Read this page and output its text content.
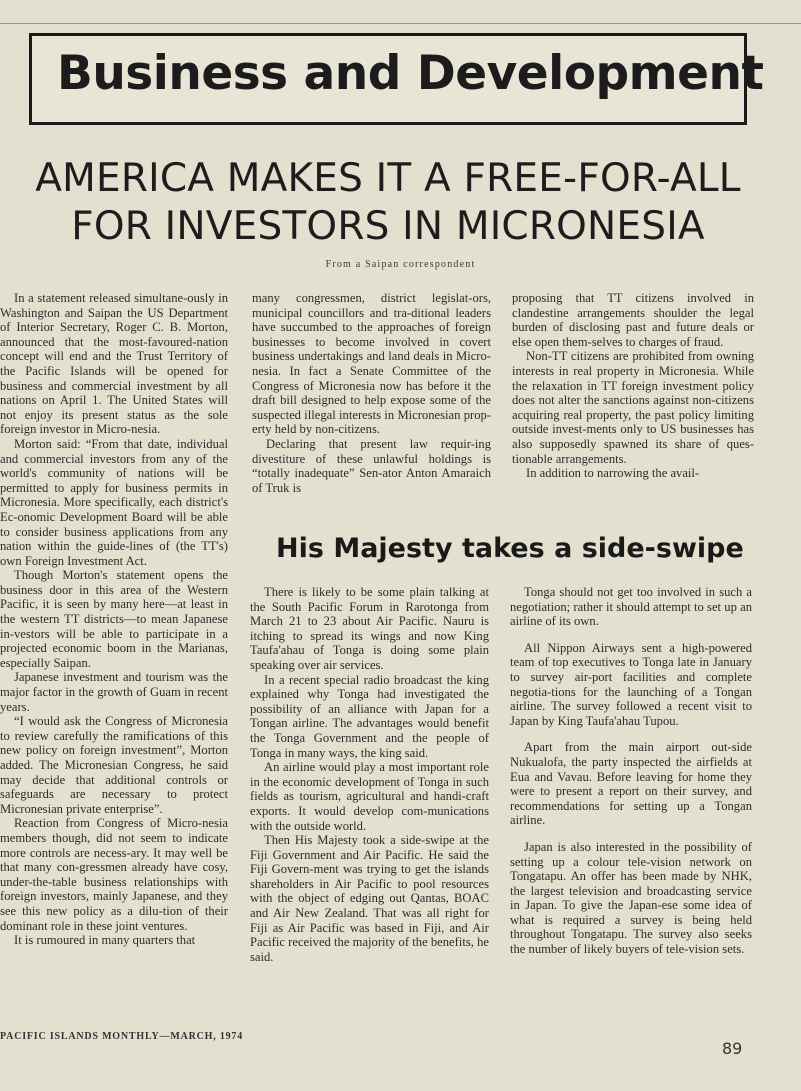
Business and Development
AMERICA MAKES IT A FREE-FOR-ALL
FOR INVESTORS IN MICRONESIA
From a Saipan correspondent

In a statement released simultane-ously in Washington and Saipan the US Department of Interior Secretary, Roger C. B. Morton, announced that the most-favoured-nation concept will end and the Trust Territory of the Pacific Islands will be opened for business and commercial investment by all nations on April 1. The United States will not enjoy its present status as the sole foreign investor in Micro-nesia.

Morton said: “From that date, individual and commercial investors from any of the world's community of nations will be permitted to apply for business permits in Micronesia. More specifically, each district's Ec-onomic Development Board will be able to consider business applications from any nation within the guide-lines of (the TT's) own Foreign Investment Act.

Though Morton's statement opens the business door in this area of the Western Pacific, it is seen by many here—at least in the western TT districts—to mean Japanese in-vestors will be able to participate in a projected economic boom in the Marianas, especially Saipan.

Japanese investment and tourism was the major factor in the growth of Guam in recent years.

“I would ask the Congress of Micronesia to review carefully the ramifications of this new policy on foreign investment”, Morton added. The Micronesian Congress, he said may decide that additional controls or safeguards are necessary to protect Micronesian private enterprise”.

Reaction from Congress of Micro-nesia members though, did not seem to indicate more controls are necess-ary. It may well be that many con-gressmen already have cosy, under-the-table business relationships with foreign investors, mainly Japanese, and they see this new policy as a dilu-tion of their dominant role in these joint ventures.

It is rumoured in many quarters that

many congressmen, district legislat-ors, municipal councillors and tra-ditional leaders have succumbed to the approaches of foreign businesses to become involved in covert business undertakings and land deals in Micro-nesia. In fact a Senate Committee of the Congress of Micronesia now has before it the draft bill designed to help expose some of the suspected illegal interests in Micronesian prop-erty held by non-citizens.

Declaring that present law requir-ing divestiture of these unlawful holdings is “totally inadequate” Sen-ator Anton Amaraich of Truk is

proposing that TT citizens involved in clandestine arrangements shoulder the legal burden of disclosing past and future deals or else open them-selves to charges of fraud.

Non-TT citizens are prohibited from owning interests in real property in Micronesia. While the relaxation in TT foreign investment policy does not alter the sanctions against non-citizens acquiring real property, the past policy limiting outside invest-ments only to US businesses has also supposedly spawned its share of ques-tionable arrangements.

In addition to narrowing the avail-

His Majesty takes a side-swipe

There is likely to be some plain talking at the South Pacific Forum in Rarotonga from March 21 to 23 about Air Pacific. Nauru is itching to spread its wings and now King Taufa'ahau of Tonga is doing some plain speaking over air services.

In a recent special radio broadcast the king explained why Tonga had investigated the possibility of an alliance with Japan for a Tongan airline. The advantages would benefit the Tonga Government and the people of Tonga in many ways, the king said.

An airline would play a most important role in the economic development of Tonga in such fields as tourism, agricultural and handi-craft exports. It would develop com-munications with the outside world.

Then His Majesty took a side-swipe at the Fiji Government and Air Pacific. He said the Fiji Govern-ment was trying to get the islands shareholders in Air Pacific to pool resources with the object of edging out Qantas, BOAC and Air New Zealand. That was all right for Fiji as Air Pacific was based in Fiji, and Air Pacific received the majority of the benefits, he said.

Tonga should not get too involved in such a negotiation; rather it should attempt to set up an airline of its own.

All Nippon Airways sent a high-powered team of top executives to Tonga late in January to survey air-port facilities and complete negotia-tions for the launching of a Tongan airline. The survey followed a recent visit to Japan by King Taufa'ahau Tupou.

Apart from the main airport out-side Nukualofa, the party inspected the airfields at Eua and Vavau. Before leaving for home they were to present a report on their survey, and recommendations for setting up a Tongan airline.

Japan is also interested in the possibility of setting up a colour tele-vision network on Tongatapu. An offer has been made by NHK, the largest television and broadcasting service in Japan. To give the Japan-ese some idea of what is required a survey is being held throughout Tongatapu. The survey also seeks the number of likely buyers of tele-vision sets.

PACIFIC ISLANDS MONTHLY—MARCH, 1974
89
